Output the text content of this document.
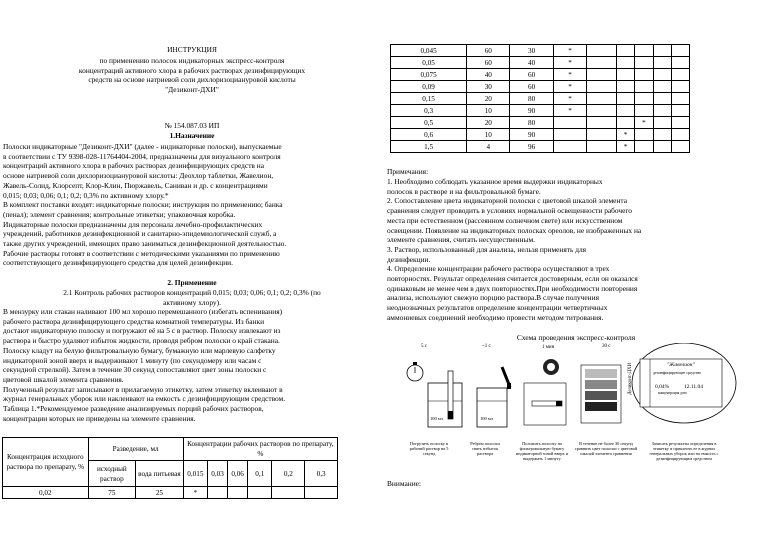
ИНСТРУКЦИЯ

по применению полосок индикаторных экспресс-контроля

концентраций активного хлора в рабочих растворах дезинфицирующих

средств на основе натриевой соли дихлоризоциануровой кислоты

"Дезиконт-ДХИ"

№ 154.087.03 ИП

1.Назначение

Полоски индикаторные "Дезиконт-ДХИ" (далее - индикаторные полоски), выпускаемые

в соответствии с ТУ 9398-028-11764404-2004, предназначены для визуального контроля

концентраций активного хлора в рабочих растворах дезинфицирующих средств на

основе натриевой соли дихлоризоциануровой кислоты: Деохлор таблетки, Жавелион,

Жавель-Солид, Клорсепт, Клор-Клин, Пюржавель, Саниван и др. с концентрациями

0,015; 0,03; 0,06; 0,1; 0,2; 0,3% по активному хлору.*

В комплект поставки входят: индикаторные полоски; инструкция по применению; банка

(пенал); элемент сравнения; контрольные этикетки; упаковочная коробка.

Индикаторные полоски предназначены для персонала лечебно-профилактических

учреждений, работников дезинфекционной и санитарно-эпидемиологической служб, а

также других учреждений, имеющих право заниматься дезинфекционной деятельностью.

Рабочие растворы готовят в соответствии с методическими указаниями по применению

соответствующего дезинфицирующего средства для целей дезинфекции.

2. Применение

2.1 Контроль рабочих растворов концентраций 0,015; 0,03; 0,06; 0,1; 0,2; 0,3% (по

активному хлору).

В мензурку или стакан наливают 100 мл хорошо перемешанного (избегать вспенивания)

рабочего раствора дезинфицирующего средства комнатной температуры. Из банки

достают индикаторную полоску и погружают её на 5 с в раствор. Полоску извлекают из

раствора и быстро удаляют избыток жидкости, проводя ребром полоски о край стакана.

Полоску кладут на белую фильтровальную бумагу, бумажную или марлевую салфетку

индикаторной зоной вверх и выдерживают 1 минуту (по секундомеру или часам с

секундной стрелкой). Затем в течение 30 секунд сопоставляют цвет зоны полоски с

цветовой шкалой элемента сравнения.

Полученный результат записывают в прилагаемую этикетку, затем этикетку вклеивают в

журнал генеральных уборок или наклеивают на емкость с дезинфицирующим средством.

Таблица 1.*Рекомендуемое разведение анализируемых порций рабочих растворов,

концентрации которых не приведены на элементе сравнения.

Концентрация исходного раствора по препарату, %	Разведение, мл		Концентрации рабочих растворов по препарату, %					
	исходный раствор	вода питьевая	0,015	0,03	0,06	0,1	0,2	0,3
0,02	75	25	*					
0,045	60	30	*					
0,05	60	40	*					
0,075	40	60	*					
0,09	30	60	*					
0,15	20	80	*					
0,3	10	90	*					
0,5	20	80				*		
0,6	10	90			*			
1,5	4	96			*			

Примечания:

1. Необходимо соблюдать указанное время выдержки индикаторных

полосок в растворе и на фильтровальной бумаге.

2. Сопоставление цвета индикаторной полоски с цветовой шкалой элемента

сравнения следует проводить в условиях нормальной освещенности рабочего

места при естественном (рассеянном солнечном свете) или искусственном

освещении. Появление на индикаторных полосках ореолов, не изображенных на

элементе сравнения, считать несущественным.

3. Раствор, использованный для анализа, нельзя применять для

дезинфекции.

4. Определение концентрации рабочего раствора осуществляют в трех

повторностях. Результат определения считается достоверным, если он оказался

одинаковым не менее чем в двух повторностях.При необходимости повторения

анализа, используют свежую порцию раствора.В случае получения

неоднозначных результатов определение концентрации четвертичных

аммониевых соединений необходимо провести методом титрования.

Схема проведения экспресс-контроля

5 с	~1 с	1 мин	30 с

100 мл	100 мл

"Жавелион"

дезинфицирующее средство

0,04%	12.11.04

концентрация дата

Дезиконт-ДХИ

Погрузить полоску в рабочий раствор на 5 секунд

Ребром полоски снять избыток раствора

Положить полоску на фильтровальную бумагу индикаторной зоной вверх и выдержать 1 минуту

В течение не более 30 секунд сравнить цвет полоски с цветовой шкалой элемента сравнения

Записать результаты определения в этикетку и приклеить ее в журнал генеральных уборок или на емкость с дезинфицирующим средством

Внимание:
